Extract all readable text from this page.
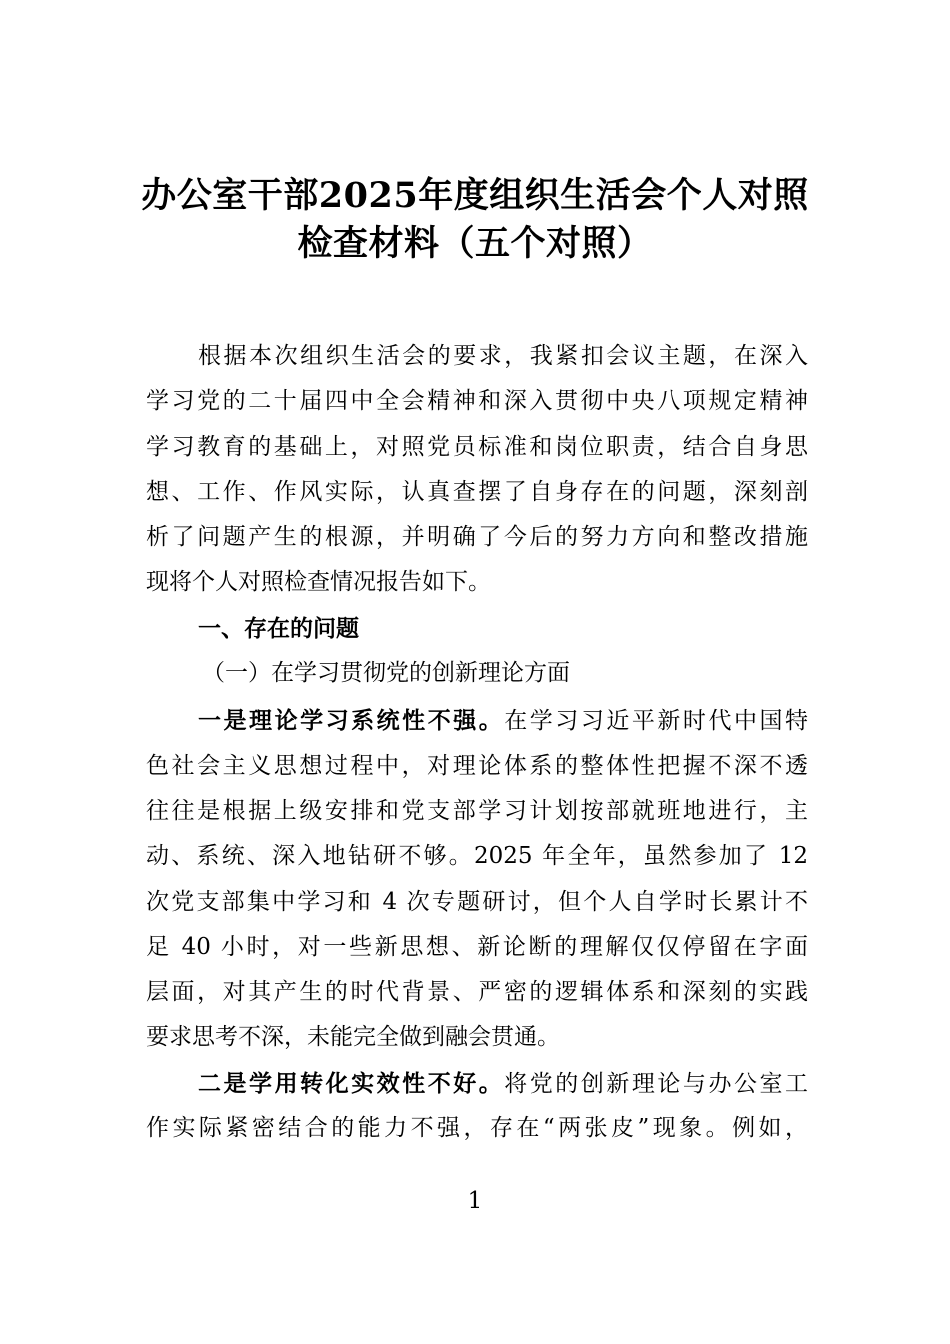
办公室干部2025年度组织生活会个人对照
检查材料（五个对照）
根据本次组织生活会的要求，我紧扣会议主题，在深入
学习党的二十届四中全会精神和深入贯彻中央八项规定精神
学习教育的基础上，对照党员标准和岗位职责，结合自身思
想、工作、作风实际，认真查摆了自身存在的问题，深刻剖
析了问题产生的根源，并明确了今后的努力方向和整改措施
现将个人对照检查情况报告如下。
一、存在的问题
（一）在学习贯彻党的创新理论方面
一是理论学习系统性不强。在学习习近平新时代中国特
色社会主义思想过程中，对理论体系的整体性把握不深不透
往往是根据上级安排和党支部学习计划按部就班地进行，主
动、系统、深入地钻研不够。2025 年全年，虽然参加了 12
次党支部集中学习和 4 次专题研讨，但个人自学时长累计不
足 40 小时，对一些新思想、新论断的理解仅仅停留在字面
层面，对其产生的时代背景、严密的逻辑体系和深刻的实践
要求思考不深，未能完全做到融会贯通。
二是学用转化实效性不好。将党的创新理论与办公室工
作实际紧密结合的能力不强，存在“两张皮”现象。例如，
1
